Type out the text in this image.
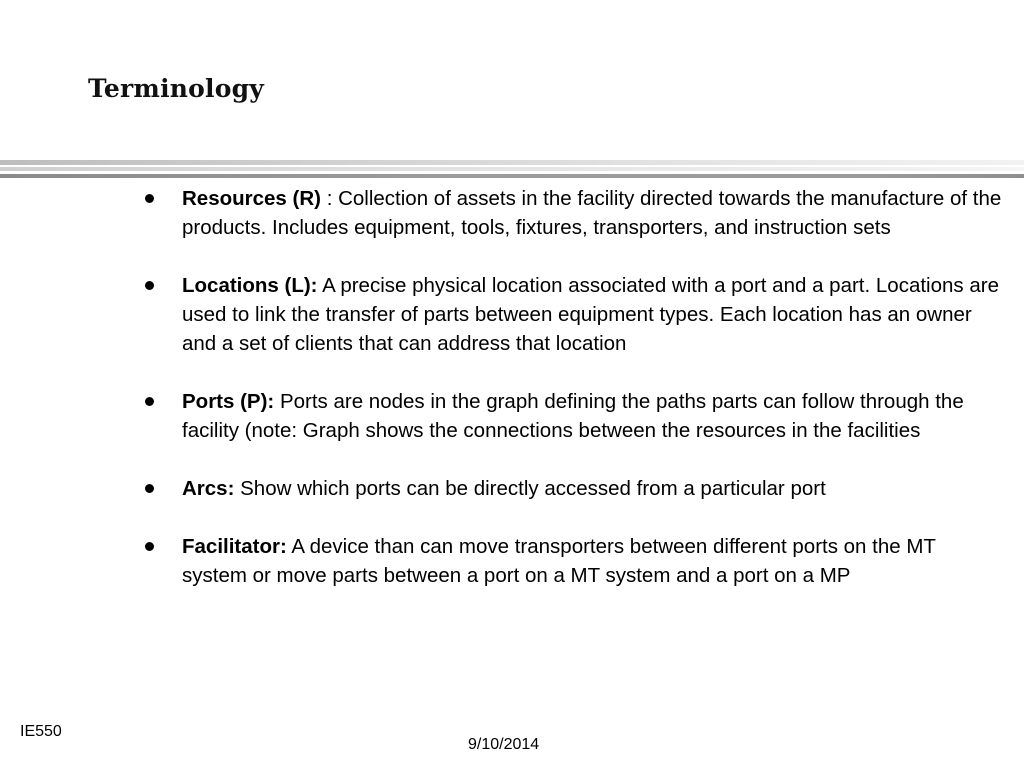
Terminology
Resources (R) : Collection of assets in the facility directed towards the manufacture of the products. Includes equipment, tools, fixtures, transporters, and instruction sets
Locations (L): A precise physical location associated with a port and a part. Locations are used to link the transfer of parts between equipment types. Each location has an owner and a set of clients that can address that location
Ports (P): Ports are nodes in the graph defining the paths parts can follow through the facility (note: Graph shows the connections between the resources in the facilities
Arcs: Show which ports can be directly accessed from a particular port
Facilitator: A device than can move transporters between different ports on the MT system or move parts between a port on a MT system and a port on a MP
IE550
9/10/2014
